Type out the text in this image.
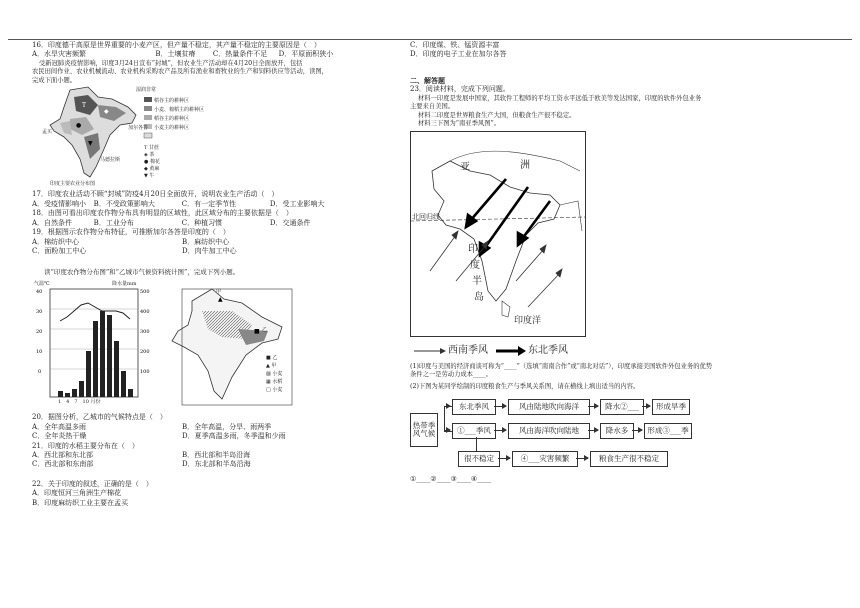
16．印度德干高原是世界重要的小麦产区，但产量不稳定，其产量不稳定的主要原因是（　）

A．水旱灾害频繁	B．土壤贫瘠	C．热量条件不足	D．平原面积狭小

受新冠肺炎疫情影响，印度3月24日宣布“封城”，但农业生产活动却在4月20日全面放开，包括

农民田间作业、农业机械流动、农业机构采购农产品及所有渔业和畜牧业的生产和饲料供应等活动，读图，

完成下面小题。

T
◆
●
▼
湿润非常
稻谷主的耕种区
小麦、棉稻主的耕种区
稻谷主的耕种区
小麦主的耕种区
T 甘蔗
◈ 茶
● 棉花
◆ 黄麻
▼ 牛
孟买
马德拉斯
加尔各答
印度主要农业分布图

17．印度农业活动不顾“封城”防疫4月20日全面放开，说明农业生产活动（　）

A．受疫情影响小	B．不受政策影响大	C．有一定季节性	D．受工业影响大

18．由图可看出印度农作物分布具有明显的区域性，此区域分布的主要依据是（　）

A．自然条件	B．工业分布	C．种植习惯	D．交通条件

19．根据图示农作物分布特征，可推断加尔各答是印度的（　）

A．棉纺织中心	B．麻纺织中心
C．面粉加工中心	D．肉牛加工中心

读“印度农作物分布图”和“乙城市气候资料统计图”，完成下列小题。

40
30
20
10
0
500
400
300
200
100
■
▲
气温℃	降水量mm
1　4　7　10 月份
甲
乙
■ 乙
▲ 甲
▨ 小麦
▦ 水稻
□ 小麦

20．据图分析，乙城市的气候特点是（　）

A．全年高温多雨	B．全年高温，分旱、雨两季
C．全年炎热干燥	D．夏季高温多雨，冬季温和少雨

21．印度的水稻主要分布在（　）

A．西北部和东北部	B．西北部和半岛沿海
C．西北部和东南部	D．东北部和半岛沿海

22．关于印度的叙述，正确的是（　）

A．印度恒河三角洲生产棉花

B．印度麻纺织工业主要在孟买

C．印度煤、铁、锰资源丰富

D．印度的电子工业在加尔各答

二、解答题

23．阅读材料，完成下列问题。

材料一印度是发展中国家，其软件工程师的平均工资水平远低于欧美等发达国家，印度的软件外包业务

主要来自美国。

材料二印度是世界粮食生产大国，但粮食生产很不稳定。

材料三下图为“南亚季风图”。

亚	洲
北回归线
印
度
半
岛
印度洋
西南季风	东北季风

(1)印度与美国的经济商谈可称为“____”（选填“南南合作”或“南北对话”），印度承接美国软件外包业务的优势

条件之一是劳动力成本____。

(2)下图为某同学绘制的印度粮食生产与季风关系图，请在横线上填出适当的内容。

热带季风气候
东北季风	风由陆地吹向海洋	降水②___ 形成旱季
①___季风	风由海洋吹向陆地	降水多	形成③___季
很不稳定	④___灾害频繁	粮食生产很不稳定

①____②____③____④____
